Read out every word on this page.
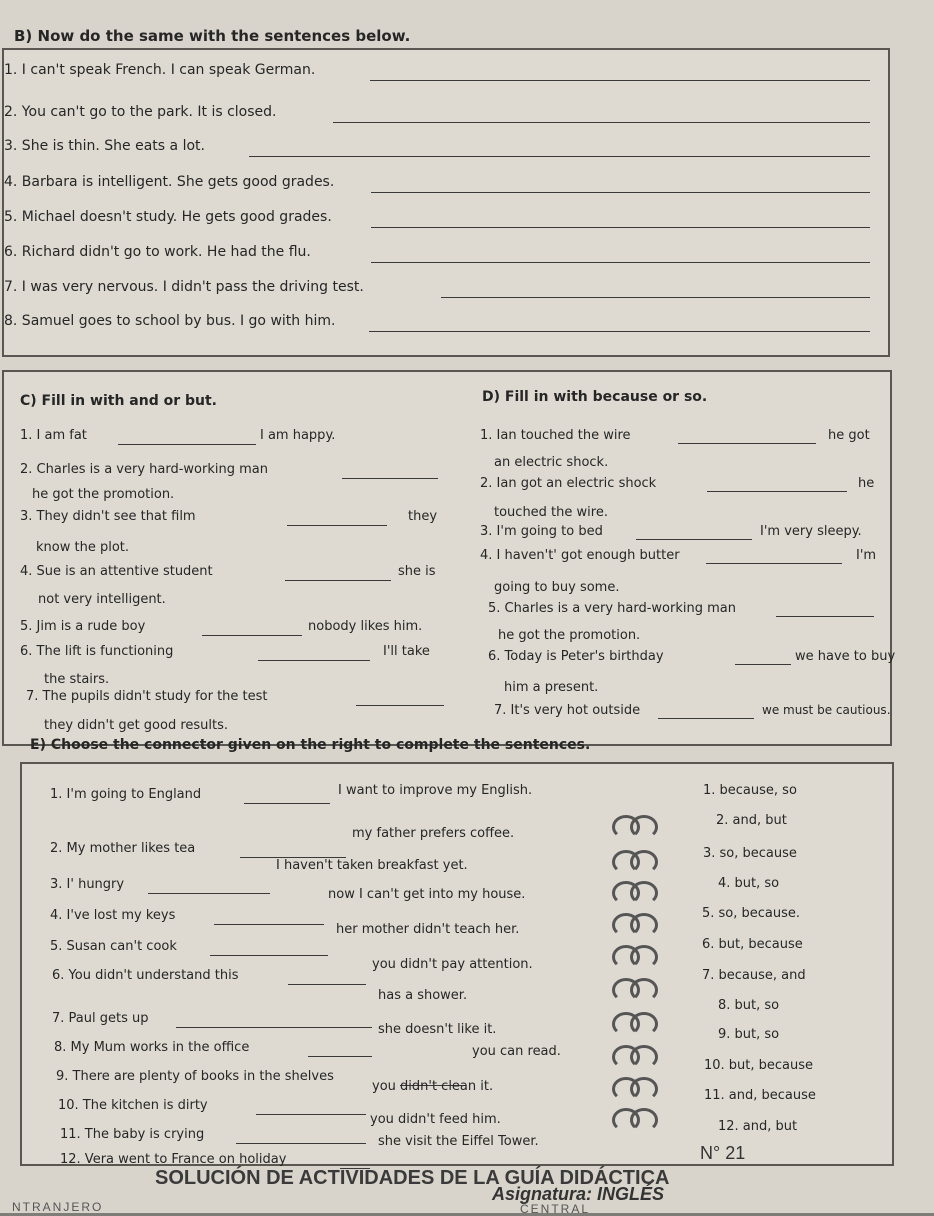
B) Now do the same with the sentences below.
1. I can't speak French. I can speak German.
2. You can't go to the park. It is closed.
3. She is thin. She eats a lot.
4. Barbara is intelligent. She gets good grades.
5. Michael doesn't study. He gets good grades.
6. Richard didn't go to work. He had the flu.
7. I was very nervous. I didn't pass the driving test.
8. Samuel goes to school by bus. I go with him.
C) Fill in with and or but.	D) Fill in with because or so.
1. I am fat	I am happy.
2. Charles is a very hard-working man
he got the promotion.
3. They didn't see that film	they
know the plot.
4. Sue is an attentive student	she is
not very intelligent.
5. Jim is a rude boy	nobody likes him.
6. The lift is functioning	I'll take
the stairs.
7. The pupils didn't study for the test
they didn't get good results.
1. Ian touched the wire	he got
an electric shock.
2. Ian got an electric shock	he
touched the wire.
3. I'm going to bed	I'm very sleepy.
4. I haven't' got enough butter	I'm
going to buy some.
5. Charles is a very hard-working man
he got the promotion.
6. Today is Peter's birthday	we have to buy
him a present.
7. It's very hot outside	we must be cautious.
E) Choose the connector given on the right to complete the sentences.
1. I'm going to England	I want to improve my English.
2. My mother likes tea
my father prefers coffee.
3. I' hungry
I haven't taken breakfast yet.
4. I've lost my keys
now I can't get into my house.
5. Susan can't cook
her mother didn't teach her.
6. You didn't understand this
you didn't pay attention.
7. Paul gets up
has a shower.
8. My Mum works in the office
she doesn't like it.
9. There are plenty of books in the shelves
you can read.
10. The kitchen is dirty
you didn't clean it.
11. The baby is crying
you didn't feed him.
12. Vera went to France on holiday
she visit the Eiffel Tower.
1. because, so
2. and, but
3. so, because
4. but, so
5. so, because.
6. but, because
7. because, and
8. but, so
9. but, so
10. but, because
11. and, because
12. and, but
N° 21
SOLUCIÓN DE ACTIVIDADES DE LA GUÍA DIDÁCTICA
Asignatura: INGLÉS
NTRANJERO	CENTRAL
